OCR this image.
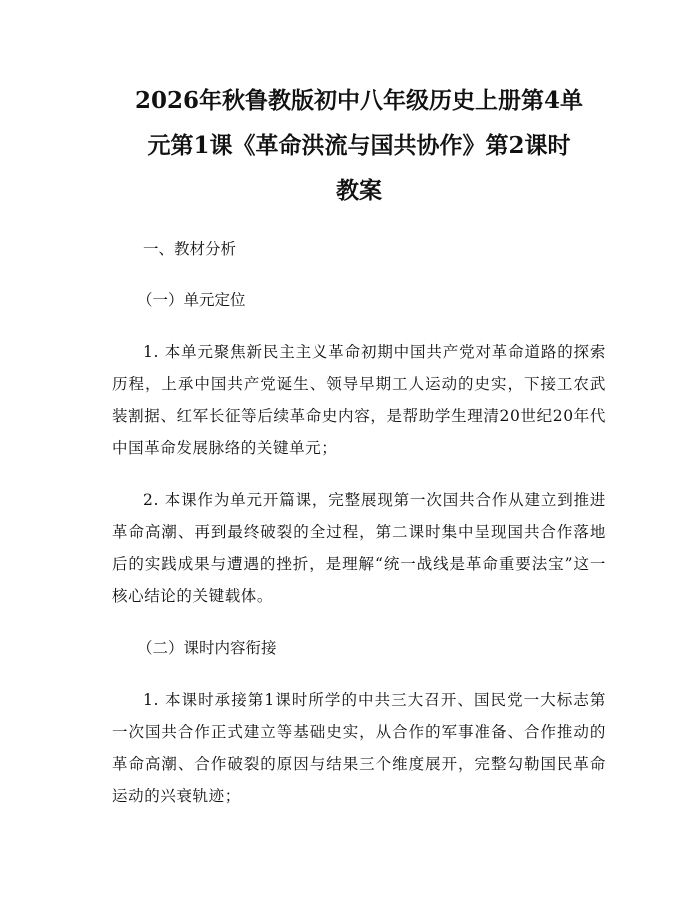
2026年秋鲁教版初中八年级历史上册第4单
元第1课《革命洪流与国共协作》第2课时
教案

一、教材分析

（一）单元定位

1. 本单元聚焦新民主主义革命初期中国共产党对革命道路的探索历程，上承中国共产党诞生、领导早期工人运动的史实，下接工农武装割据、红军长征等后续革命史内容，是帮助学生理清20世纪20年代中国革命发展脉络的关键单元；

2. 本课作为单元开篇课，完整展现第一次国共合作从建立到推进革命高潮、再到最终破裂的全过程，第二课时集中呈现国共合作落地后的实践成果与遭遇的挫折，是理解“统一战线是革命重要法宝”这一核心结论的关键载体。

（二）课时内容衔接

1. 本课时承接第1课时所学的中共三大召开、国民党一大标志第一次国共合作正式建立等基础史实，从合作的军事准备、合作推动的革命高潮、合作破裂的原因与结果三个维度展开，完整勾勒国民革命运动的兴衰轨迹；
